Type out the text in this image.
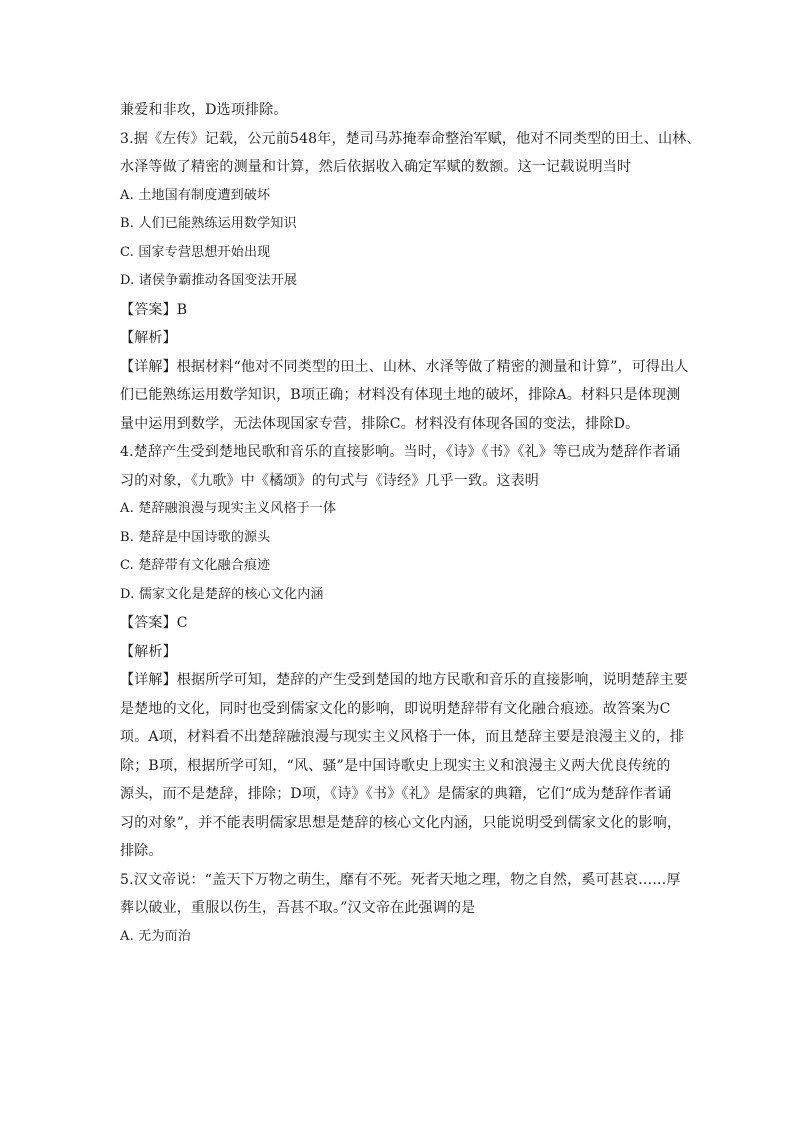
兼爱和非攻，D选项排除。
3.据《左传》记载，公元前548年，楚司马苏掩奉命整治军赋，他对不同类型的田土、山林、
水泽等做了精密的测量和计算，然后依据收入确定军赋的数额。这一记载说明当时
A. 土地国有制度遭到破坏
B. 人们已能熟练运用数学知识
C. 国家专营思想开始出现
D. 诸侯争霸推动各国变法开展
【答案】B
【解析】
【详解】根据材料“他对不同类型的田土、山林、水泽等做了精密的测量和计算”，可得出人
们已能熟练运用数学知识，B项正确；材料没有体现土地的破坏，排除A。材料只是体现测
量中运用到数学，无法体现国家专营，排除C。材料没有体现各国的变法，排除D。
4.楚辞产生受到楚地民歌和音乐的直接影响。当时，《诗》《书》《礼》等已成为楚辞作者诵
习的对象，《九歌》中《橘颂》的句式与《诗经》几乎一致。这表明
A. 楚辞融浪漫与现实主义风格于一体
B. 楚辞是中国诗歌的源头
C. 楚辞带有文化融合痕迹
D. 儒家文化是楚辞的核心文化内涵
【答案】C
【解析】
【详解】根据所学可知，楚辞的产生受到楚国的地方民歌和音乐的直接影响，说明楚辞主要
是楚地的文化，同时也受到儒家文化的影响，即说明楚辞带有文化融合痕迹。故答案为C
项。A项，材料看不出楚辞融浪漫与现实主义风格于一体，而且楚辞主要是浪漫主义的，排
除；B项，根据所学可知，“风、骚”是中国诗歌史上现实主义和浪漫主义两大优良传统的
源头，而不是楚辞，排除；D项，《诗》《书》《礼》是儒家的典籍，它们“成为楚辞作者诵
习的对象”，并不能表明儒家思想是楚辞的核心文化内涵，只能说明受到儒家文化的影响，
排除。
5.汉文帝说：“盖天下万物之萌生，靡有不死。死者天地之理，物之自然，奚可甚哀……厚
葬以破业，重服以伤生，吾甚不取。”汉文帝在此强调的是
A. 无为而治
